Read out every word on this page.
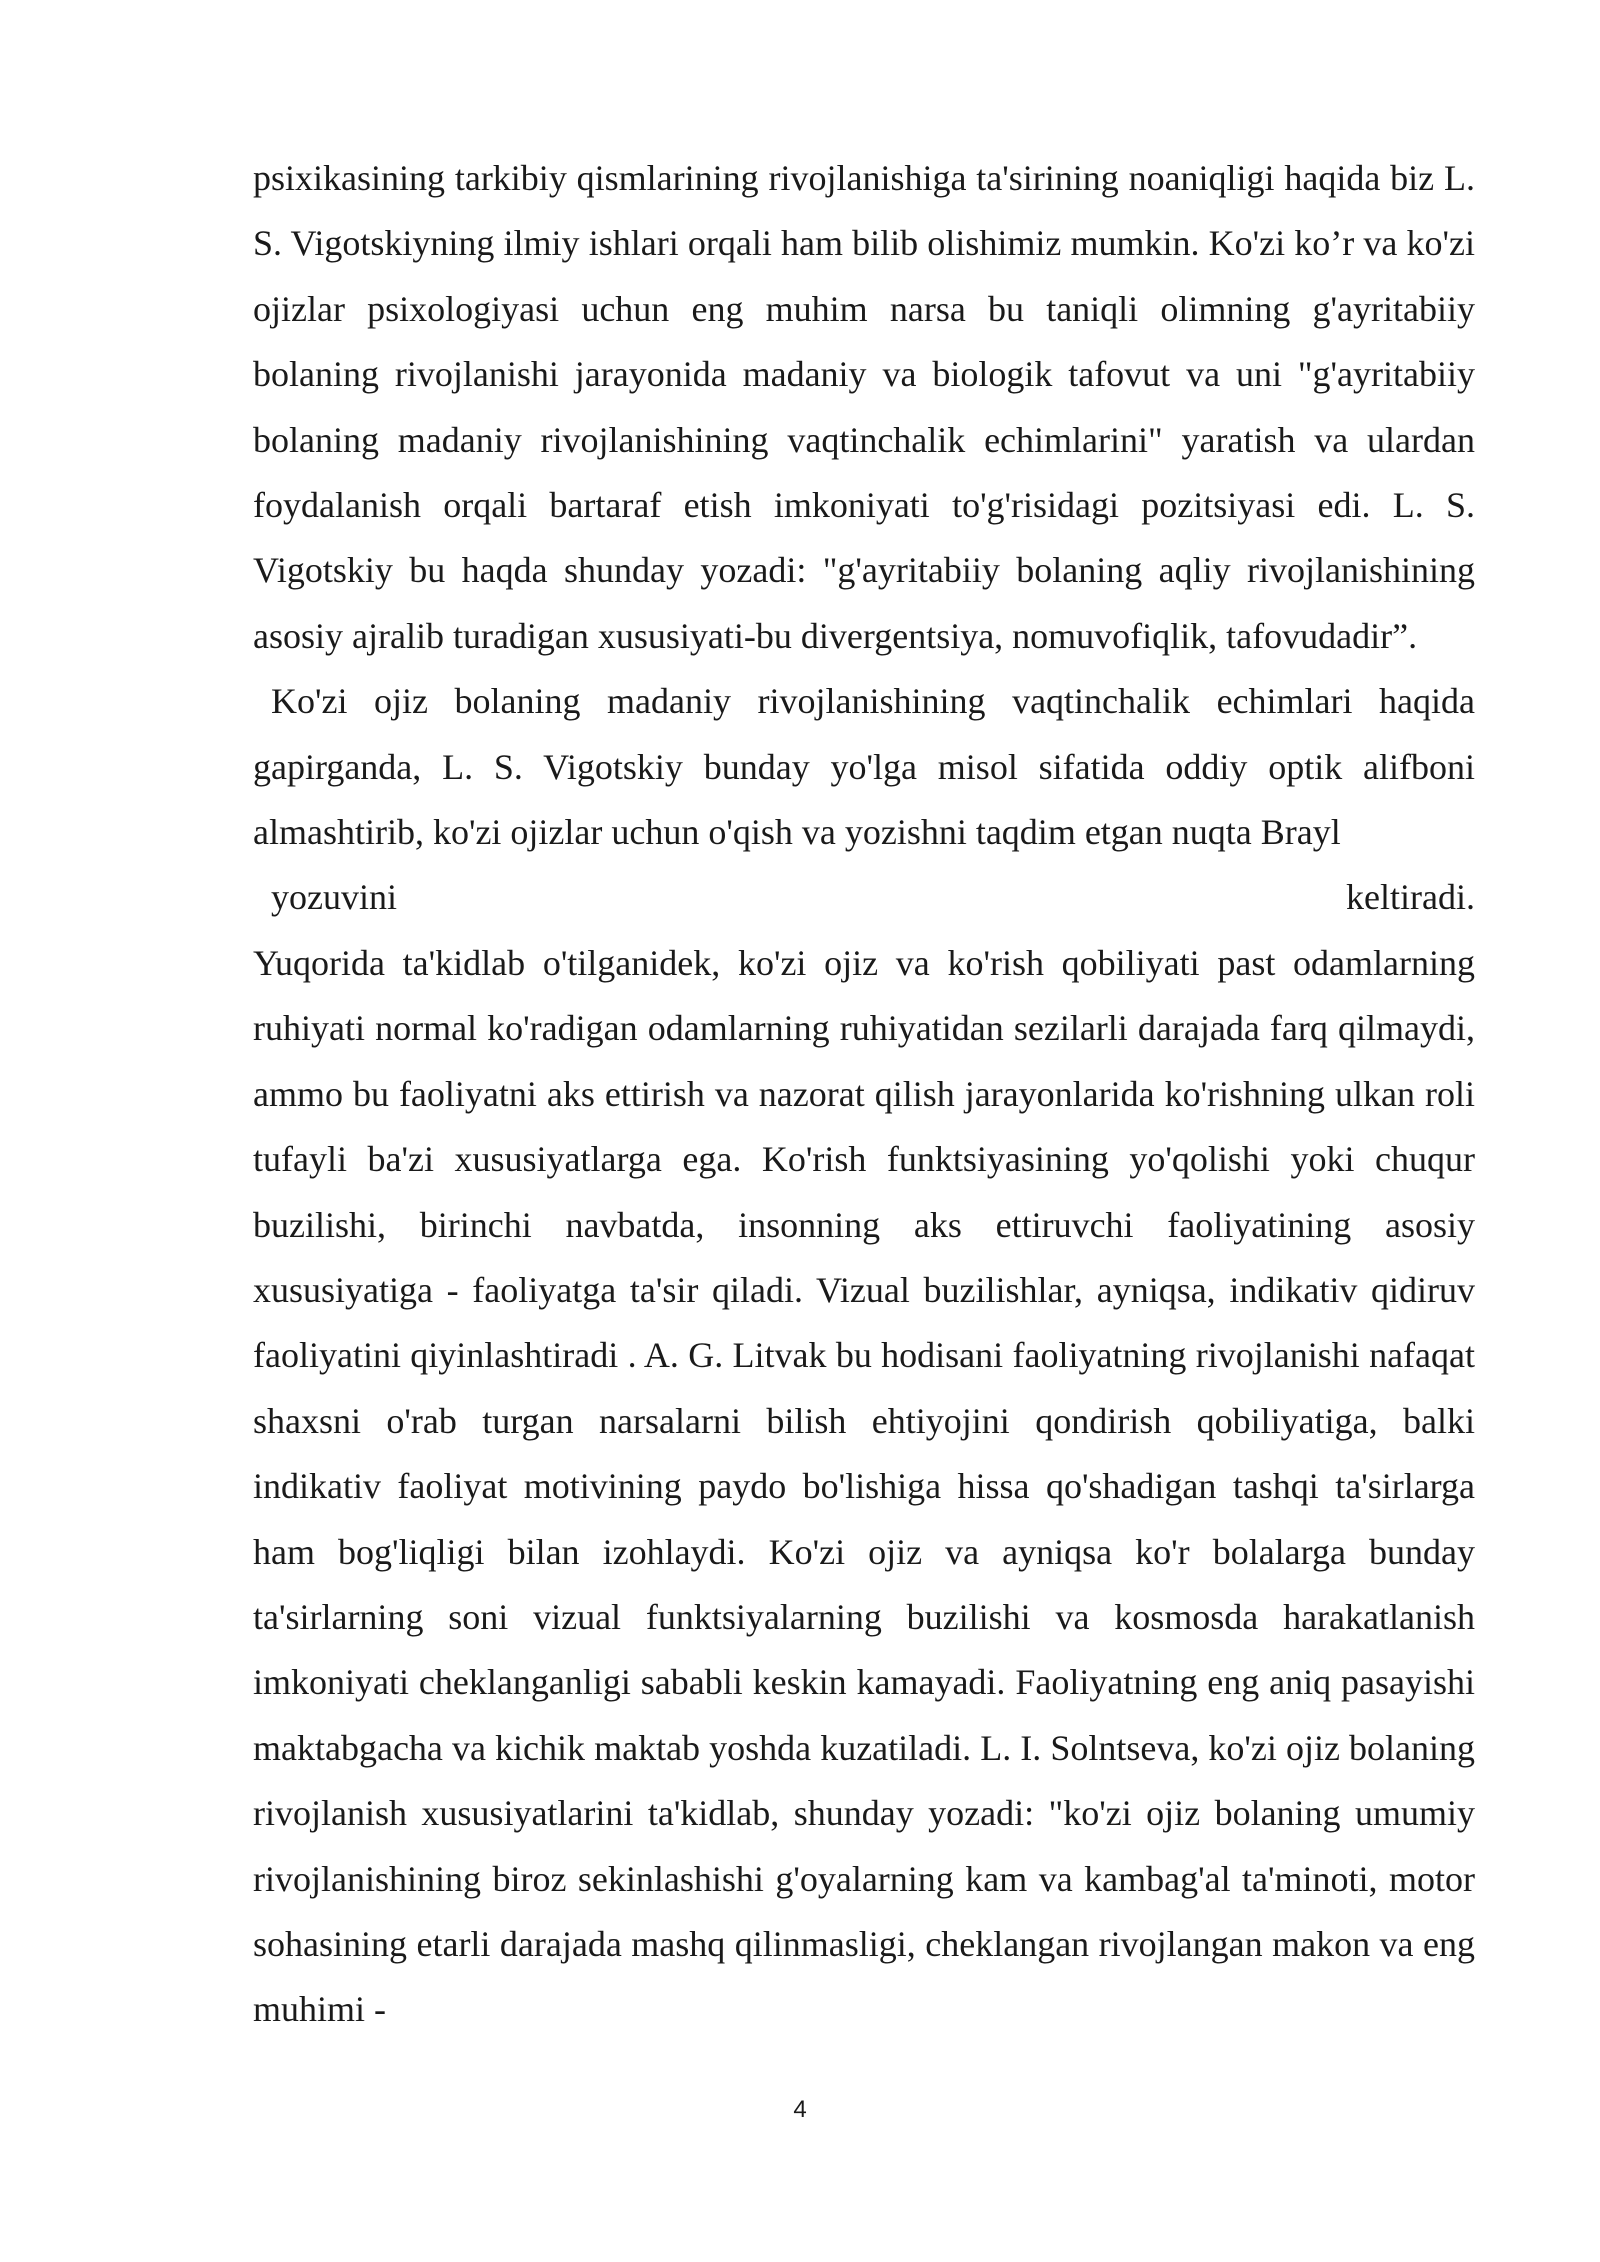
psixikasining tarkibiy qismlarining rivojlanishiga ta'sirining noaniqligi haqida biz L. S. Vigotskiyning ilmiy ishlari orqali ham bilib olishimiz mumkin. Ko'zi ko’r va ko'zi ojizlar psixologiyasi uchun eng muhim narsa bu taniqli olimning g'ayritabiiy bolaning rivojlanishi jarayonida madaniy va biologik tafovut va uni "g'ayritabiiy bolaning madaniy rivojlanishining vaqtinchalik echimlarini" yaratish va ulardan foydalanish orqali bartaraf etish imkoniyati to'g'risidagi pozitsiyasi edi. L. S. Vigotskiy bu haqda shunday yozadi: "g'ayritabiiy bolaning aqliy rivojlanishining asosiy ajralib turadigan xususiyati-bu divergentsiya, nomuvofiqlik, tafovudadir”.

Ko'zi ojiz bolaning madaniy rivojlanishining vaqtinchalik echimlari haqida gapirganda, L. S. Vigotskiy bunday yo'lga misol sifatida oddiy optik alifboni almashtirib, ko'zi ojizlar uchun o'qish va yozishni taqdim etgan nuqta Brayl
yozuvini	keltiradi.

Yuqorida ta'kidlab o'tilganidek, ko'zi ojiz va ko'rish qobiliyati past odamlarning ruhiyati normal ko'radigan odamlarning ruhiyatidan sezilarli darajada farq qilmaydi, ammo bu faoliyatni aks ettirish va nazorat qilish jarayonlarida ko'rishning ulkan roli tufayli ba'zi xususiyatlarga ega. Ko'rish funktsiyasining yo'qolishi yoki chuqur buzilishi, birinchi navbatda, insonning aks ettiruvchi faoliyatining asosiy xususiyatiga - faoliyatga ta'sir qiladi. Vizual buzilishlar, ayniqsa, indikativ qidiruv faoliyatini qiyinlashtiradi . A. G. Litvak bu hodisani faoliyatning rivojlanishi nafaqat shaxsni o'rab turgan narsalarni bilish ehtiyojini qondirish qobiliyatiga, balki indikativ faoliyat motivining paydo bo'lishiga hissa qo'shadigan tashqi ta'sirlarga ham bog'liqligi bilan izohlaydi. Ko'zi ojiz va ayniqsa ko'r bolalarga bunday ta'sirlarning soni vizual funktsiyalarning buzilishi va kosmosda harakatlanish imkoniyati cheklanganligi sababli keskin kamayadi. Faoliyatning eng aniq pasayishi maktabgacha va kichik maktab yoshda kuzatiladi. L. I. Solntseva, ko'zi ojiz bolaning rivojlanish xususiyatlarini ta'kidlab, shunday yozadi: "ko'zi ojiz bolaning umumiy rivojlanishining biroz sekinlashishi g'oyalarning kam va kambag'al ta'minoti, motor sohasining etarli darajada mashq qilinmasligi, cheklangan rivojlangan makon va eng muhimi -

4
